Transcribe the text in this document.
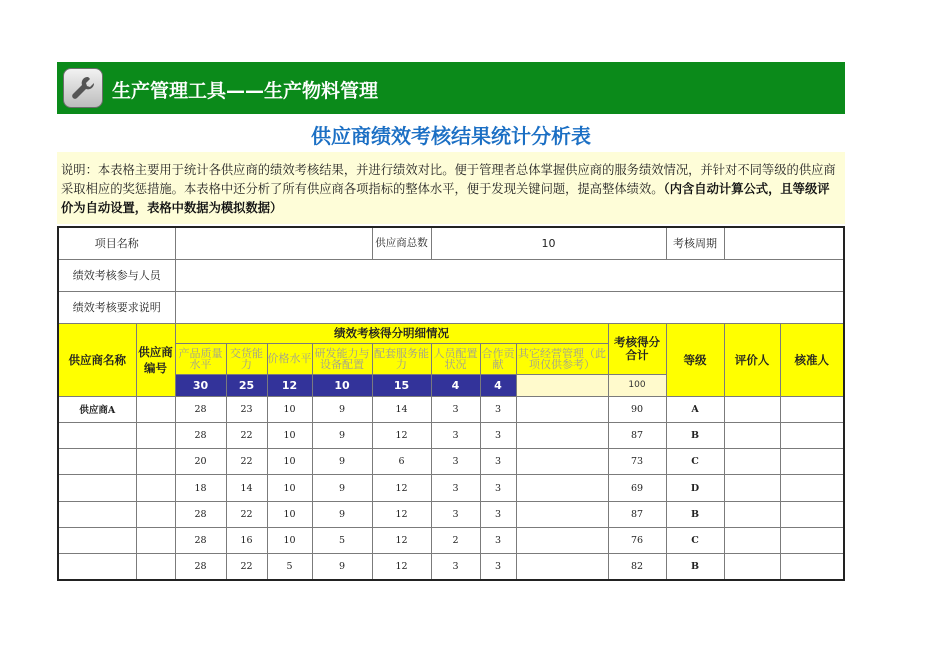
生产管理工具——生产物料管理
供应商绩效考核结果统计分析表
说明：本表格主要用于统计各供应商的绩效考核结果，并进行绩效对比。便于管理者总体掌握供应商的服务绩效情况，并针对不同等级的供应商采取相应的奖惩措施。本表格中还分析了所有供应商各项指标的整体水平，便于发现关键问题，提高整体绩效。（内含自动计算公式，且等级评价为自动设置，表格中数据为模拟数据）
项目名称						供应商总数	10				考核周期		
绩效考核参与人员													
绩效考核要求说明													
供应商名称	供应商编号	绩效考核得分明细情况								考核得分合计	等级	评价人	核准人
		产品质量水平	交货能力	价格水平	研发能力与设备配置	配套服务能力	人员配置状况	合作贡献	其它经营管理（此项仅供参考）				
		30	25	12	10	15	4	4		100			
供应商A		28	23	10	9	14	3	3		90	A		
		28	22	10	9	12	3	3		87	B		
		20	22	10	9	6	3	3		73	C		
		18	14	10	9	12	3	3		69	D		
		28	22	10	9	12	3	3		87	B		
		28	16	10	5	12	2	3		76	C		
		28	22	5	9	12	3	3		82	B		
